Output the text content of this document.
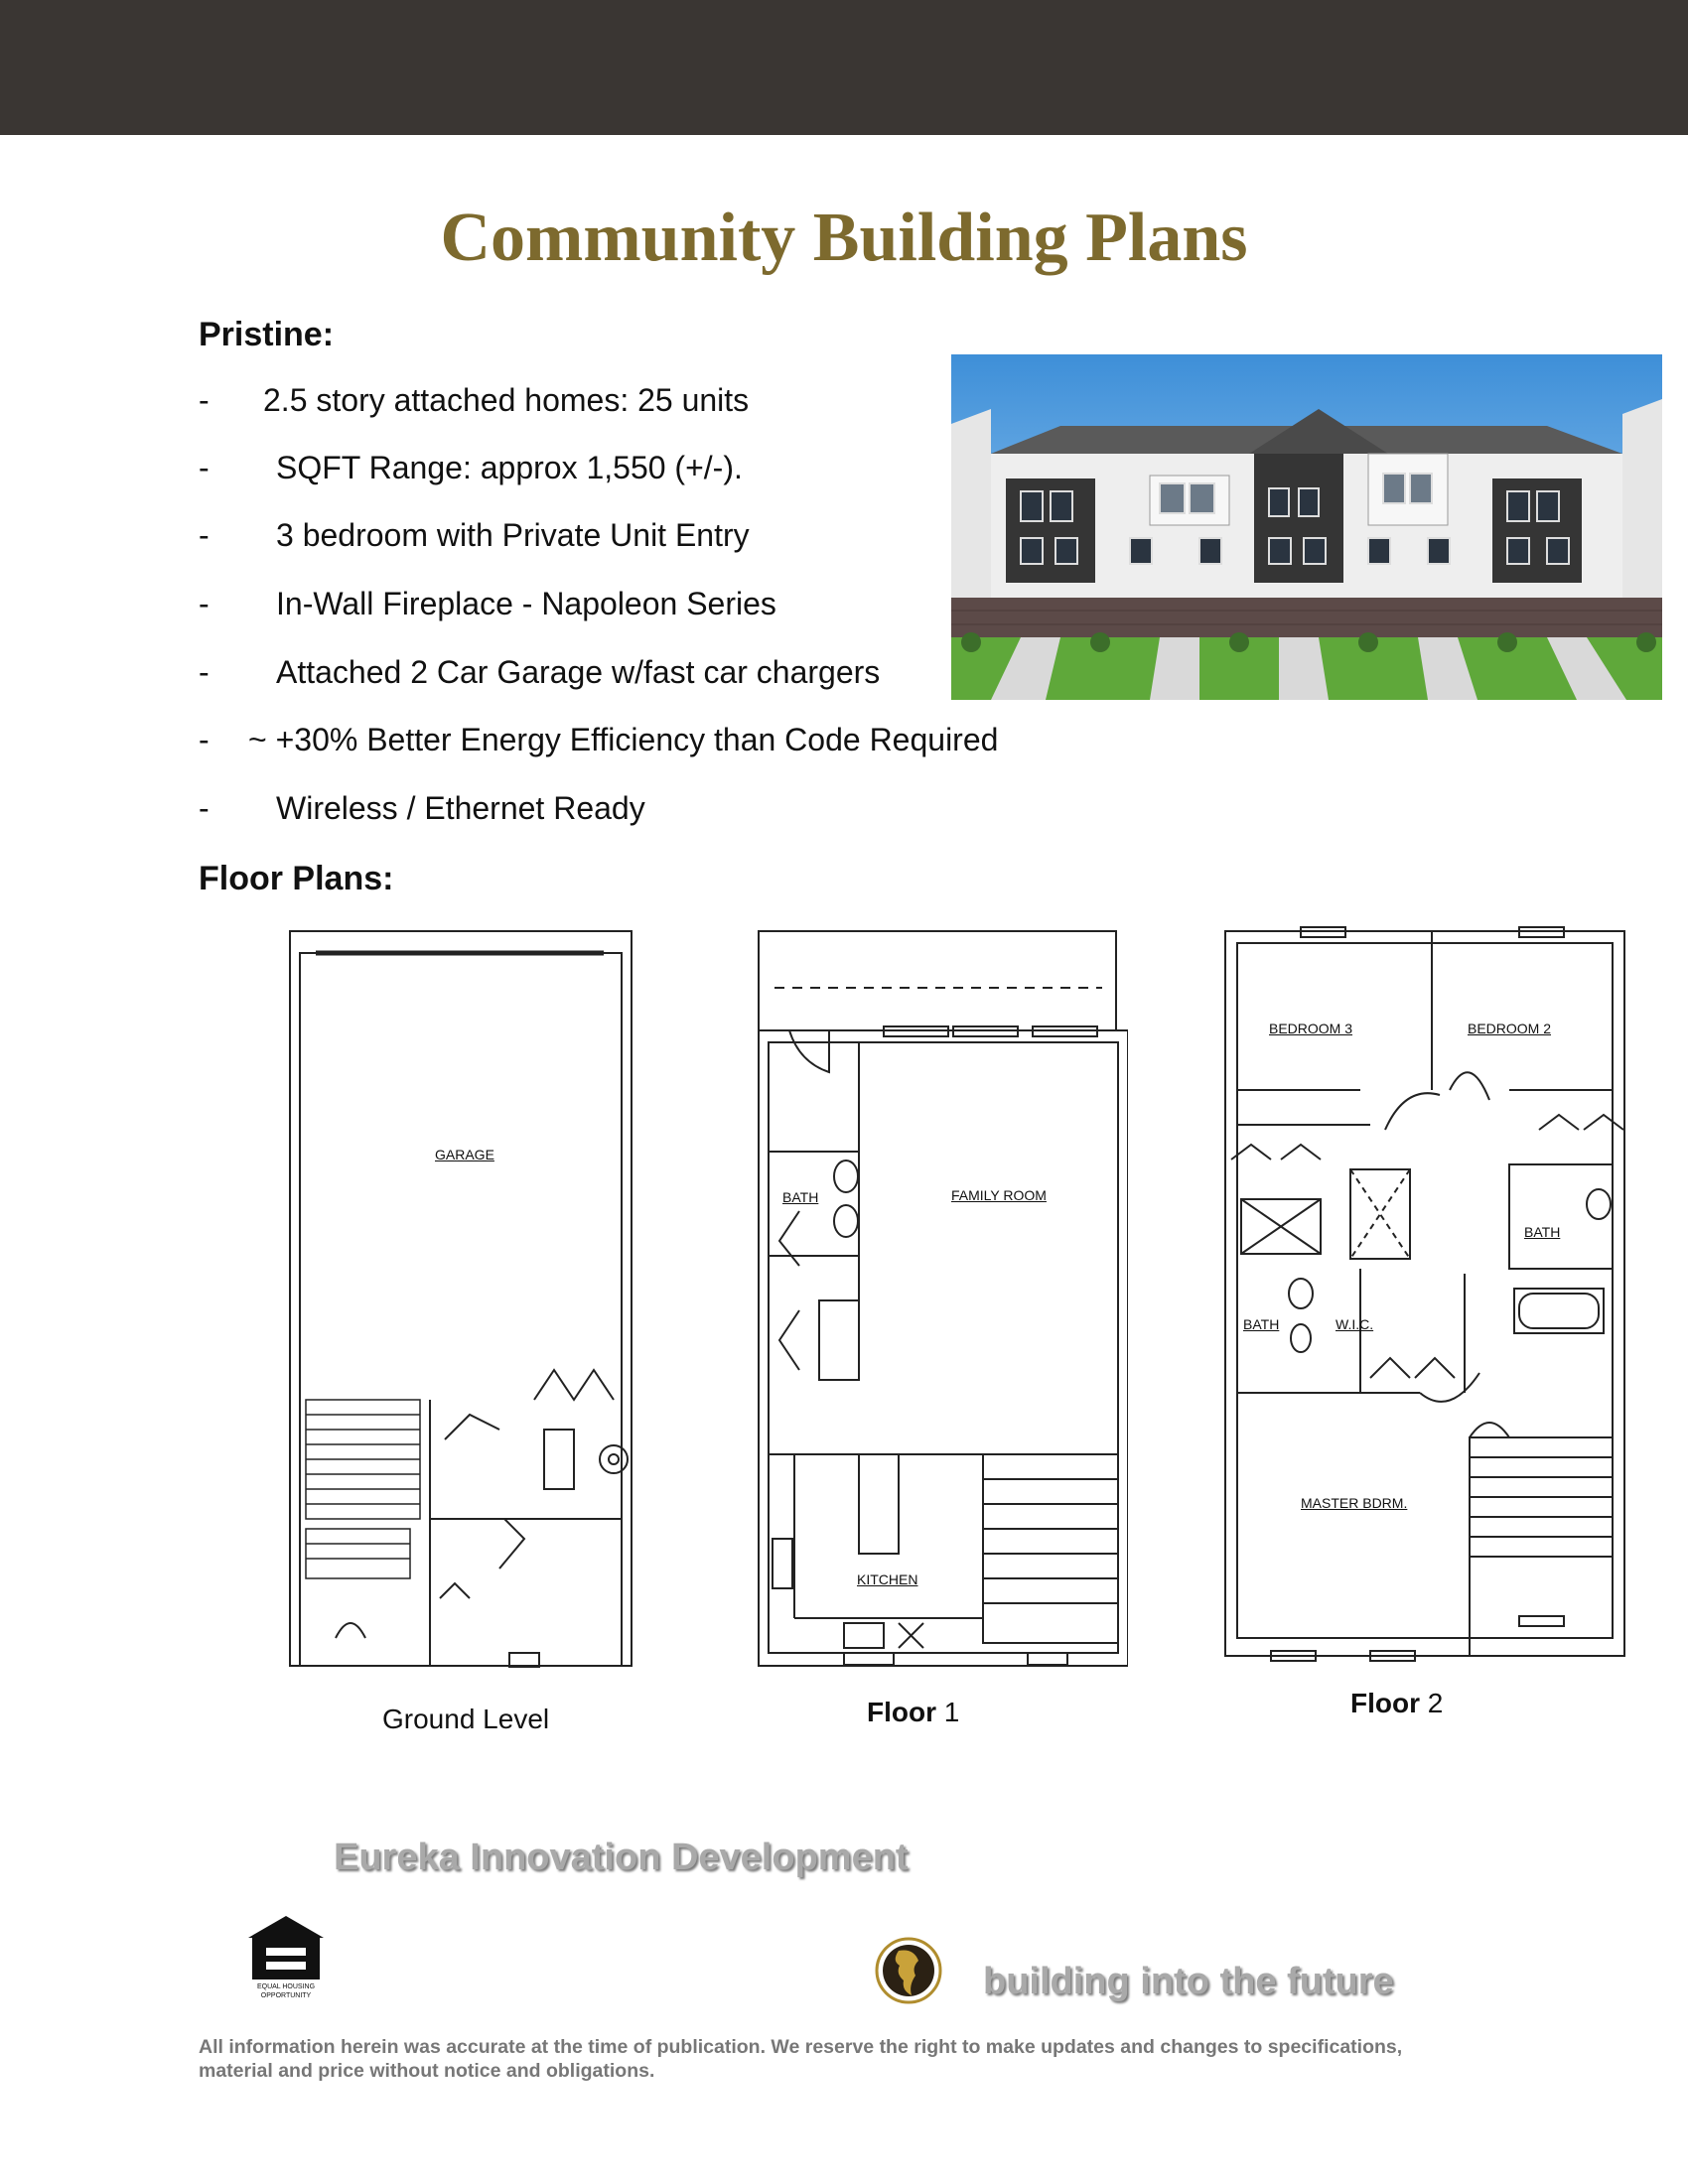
Community Building Plans
Pristine:
- 2.5 story attached homes: 25 units
- SQFT Range: approx 1,550 (+/-).
- 3 bedroom with Private Unit Entry
- In-Wall Fireplace - Napoleon Series
- Attached 2 Car Garage w/fast car chargers
- ~ +30% Better Energy Efficiency than Code Required
- Wireless / Ethernet Ready
Floor Plans:
GARAGE
Ground Level
BATH	FAMILY ROOM
KITCHEN
Floor 1
BEDROOM 3	BEDROOM 2
BATH
BATH
W.I.C.
MASTER BDRM.
Floor 2
Eureka Innovation Development
EQUAL HOUSING
OPPORTUNITY	building into the future
All information herein was accurate at the time of publication. We reserve the right to make updates and changes to specifications, material and price without notice and obligations.
